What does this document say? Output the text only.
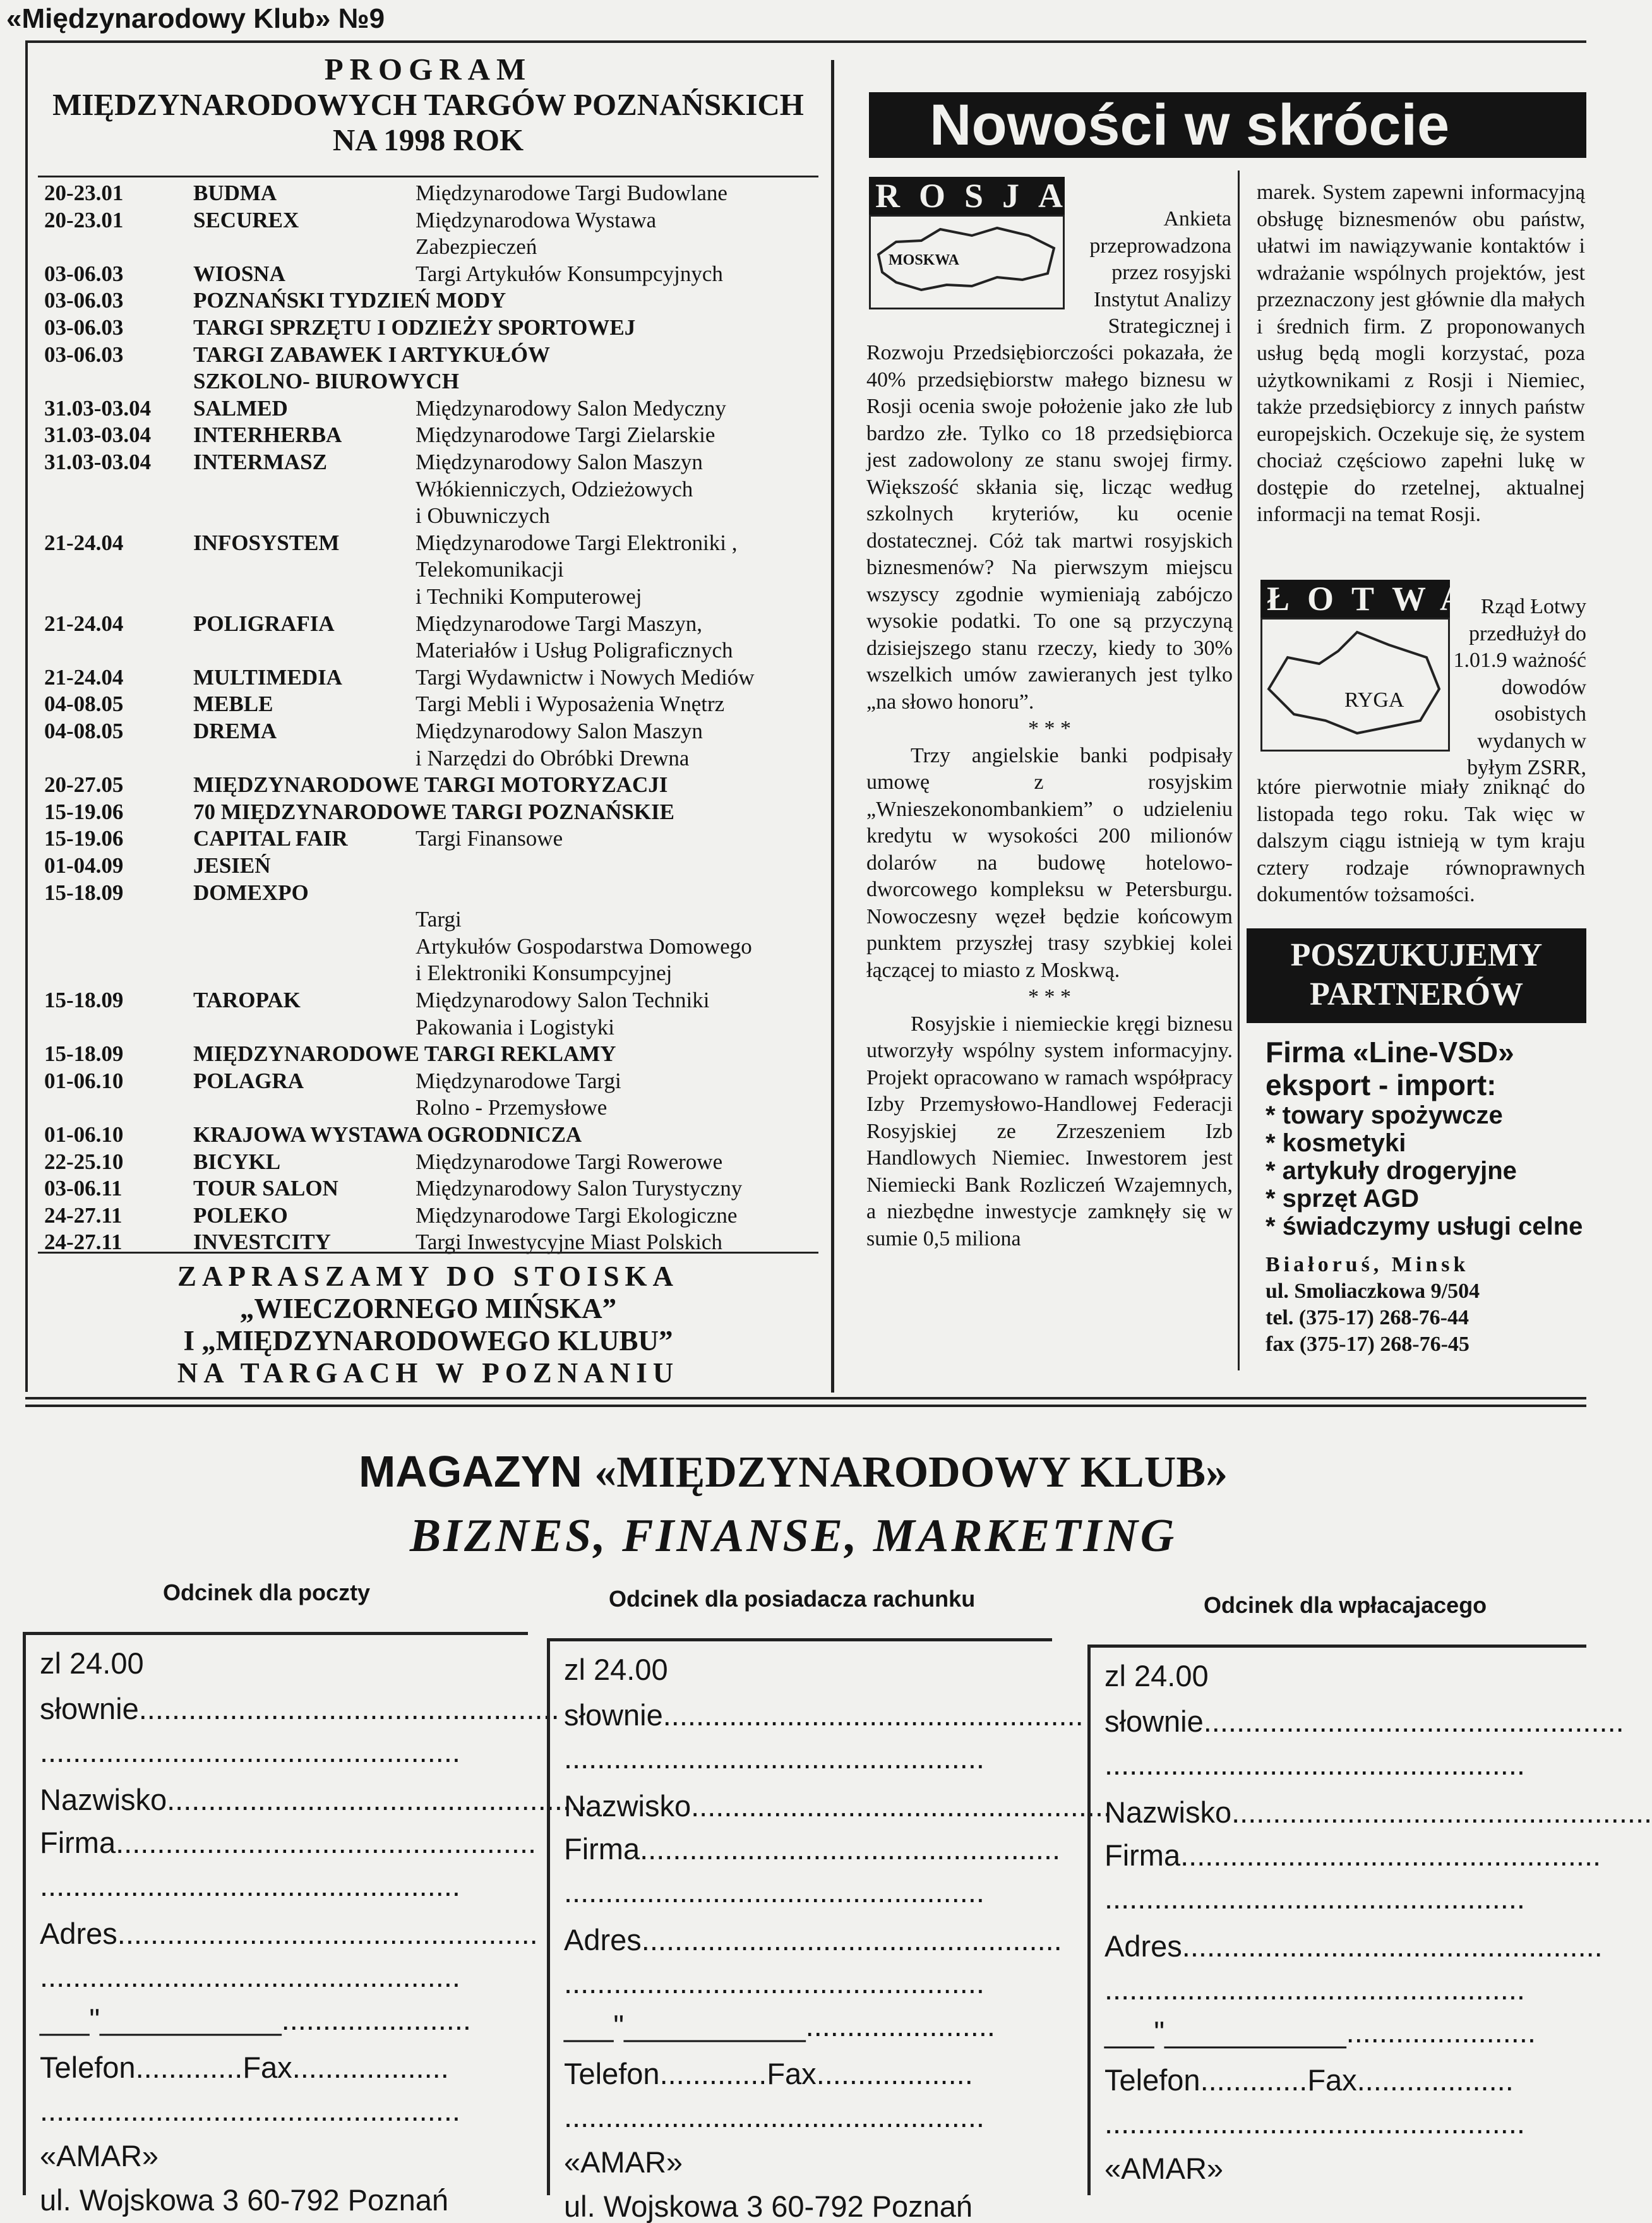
«Międzynarodowy Klub» №9
PROGRAM
MIĘDZYNARODOWYCH TARGÓW POZNAŃSKICH
NA 1998 ROK
20-23.01	BUDMA	Międzynarodowe Targi Budowlane
20-23.01	SECUREX	Międzynarodowa Wystawa
Zabezpieczeń
03-06.03	WIOSNA	Targi Artykułów Konsumpcyjnych
03-06.03	POZNAŃSKI TYDZIEŃ MODY
03-06.03	TARGI SPRZĘTU I ODZIEŻY SPORTOWEJ
03-06.03	TARGI ZABAWEK I ARTYKUŁÓW
SZKOLNO- BIUROWYCH
31.03-03.04 SALMED	Międzynarodowy Salon Medyczny
31.03-03.04 INTERHERBA	Międzynarodowe Targi Zielarskie
31.03-03.04 INTERMASZ	Międzynarodowy Salon Maszyn
Włókienniczych, Odzieżowych
i Obuwniczych
21-24.04	INFOSYSTEM	Międzynarodowe Targi Elektroniki ,
Telekomunikacji
i Techniki Komputerowej
21-24.04	POLIGRAFIA	Międzynarodowe Targi Maszyn,
Materiałów i Usług Poligraficznych
21-24.04	MULTIMEDIA	Targi Wydawnictw i Nowych Mediów
04-08.05	MEBLE	Targi Mebli i Wyposażenia Wnętrz
04-08.05	DREMA	Międzynarodowy Salon Maszyn
i Narzędzi do Obróbki Drewna
20-27.05	MIĘDZYNARODOWE TARGI MOTORYZACJI
15-19.06	70 MIĘDZYNARODOWE TARGI POZNAŃSKIE
15-19.06	CAPITAL FAIR	Targi Finansowe
01-04.09	JESIEŃ
15-18.09	DOMEXPO
Targi
Artykułów Gospodarstwa Domowego
i Elektroniki Konsumpcyjnej
15-18.09	TAROPAK	Międzynarodowy Salon Techniki
Pakowania i Logistyki
15-18.09	MIĘDZYNARODOWE TARGI REKLAMY
01-06.10	POLAGRA	Międzynarodowe Targi
Rolno - Przemysłowe
01-06.10	KRAJOWA WYSTAWA OGRODNICZA
22-25.10	BICYKL	Międzynarodowe Targi Rowerowe
03-06.11	TOUR SALON	Międzynarodowy Salon Turystyczny
24-27.11	POLEKO	Międzynarodowe Targi Ekologiczne
24-27.11	INVESTCITY	Targi Inwestycyjne Miast Polskich
ZAPRASZAMY DO STOISKA
„WIECZORNEGO MIŃSKA”
I „MIĘDZYNARODOWEGO KLUBU”
NA TARGACH W POZNANIU
Nowości w skrócie
ROSJA
MOSKWA
Ankieta
przeprowadzona
przez rosyjski
Instytut Analizy
Strategicznej i

Rozwoju Przedsiębiorczości pokazała, że 40% przedsiębiorstw małego biznesu w Rosji ocenia swoje położenie jako złe lub bardzo złe. Tylko co 18 przedsiębiorca jest zadowolony ze stanu swojej firmy. Większość skłania się, licząc według szkolnych kryteriów, ku ocenie dostatecznej. Cóż tak martwi rosyjskich biznesmenów? Na pierwszym miejscu wszyscy zgodnie wymieniają zabójczo wysokie podatki. To one są przyczyną dzisiejszego stanu rzeczy, kiedy to 30% wszelkich umów zawieranych jest tylko „na słowo honoru”.

* * *

Trzy angielskie banki podpisały umowę z rosyjskim „Wnieszekonombankiem” o udzieleniu kredytu w wysokości 200 milionów dolarów na budowę hotelowo-dworcowego kompleksu w Petersburgu. Nowoczesny węzeł będzie końcowym punktem przyszłej trasy szybkiej kolei łączącej to miasto z Moskwą.

* * *

Rosyjskie i niemieckie kręgi biznesu utworzyły wspólny system informacyjny. Projekt opracowano w ramach współpracy Izby Przemysłowo-Handlowej Federacji Rosyjskiej ze Zrzeszeniem Izb Handlowych Niemiec. Inwestorem jest Niemiecki Bank Rozliczeń Wzajemnych, a niezbędne inwestycje zamknęły się w sumie 0,5 miliona

marek. System zapewni informacyjną obsługę biznesmenów obu państw, ułatwi im nawiązywanie kontaktów i wdrażanie wspólnych projektów, jest przeznaczony jest głównie dla małych i średnich firm. Z proponowanych usług będą mogli korzystać, poza użytkownikami z Rosji i Niemiec, także przedsiębiorcy z innych państw europejskich. Oczekuje się, że system chociaż częściowo zapełni lukę w dostępie do rzetelnej, aktualnej informacji na temat Rosji.

ŁOTWA
RYGA
Rząd Łotwy
przedłużył do
1.01.9 ważność
dowodów
osobistych
wydanych w
byłym ZSRR,

które pierwotnie miały zniknąć do listopada tego roku. Tak więc w dalszym ciągu istnieją w tym kraju cztery rodzaje równoprawnych dokumentów tożsamości.

POSZUKUJEMY
PARTNERÓW
Firma «Line-VSD»
eksport - import:
* towary spożywcze
* kosmetyki
* artykuły drogeryjne
* sprzęt AGD
* świadczymy usługi celne
Białoruś, Minsk
ul. Smoliaczkowa 9/504
tel. (375-17) 268-76-44
fax (375-17) 268-76-45
MAGAZYN «MIĘDZYNARODOWY KLUB»
BIZNES, FINANSE, MARKETING
Odcinek dla poczty
zl 24.00
słownie...................................................
...................................................
Nazwisko...................................................
Firma...................................................
...................................................
Adres...................................................
...................................................
___"___________.......................
Telefon.............Fax...................
...................................................
«AMAR»
ul. Wojskowa 3 60-792 Poznań
Odcinek dla posiadacza rachunku
zl 24.00
słownie...................................................
...................................................
Nazwisko...................................................
Firma...................................................
...................................................
Adres...................................................
...................................................
___"___________.......................
Telefon.............Fax...................
...................................................
«AMAR»
ul. Wojskowa 3 60-792 Poznań
Odcinek dla wpłacajacego
zl 24.00
słownie...................................................
...................................................
Nazwisko...................................................
Firma...................................................
...................................................
Adres...................................................
...................................................
___"___________.......................
Telefon.............Fax...................
...................................................
«AMAR»
